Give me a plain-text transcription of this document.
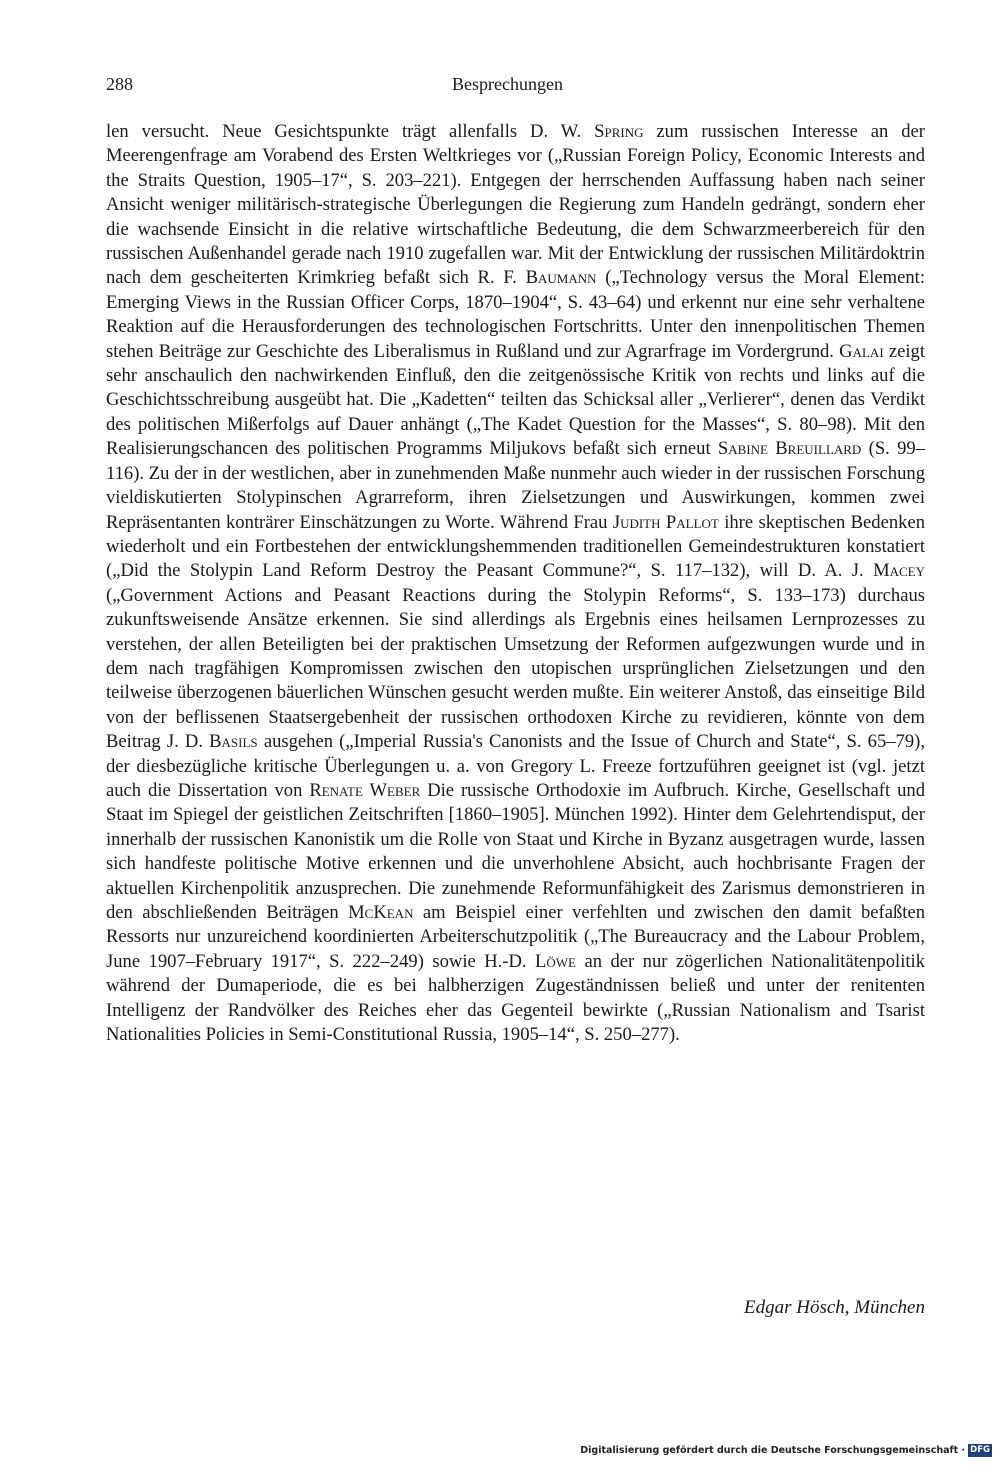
288	Besprechungen

len versucht. Neue Gesichtspunkte trägt allenfalls D. W. Spring zum russischen Interesse an der Meerengenfrage am Vorabend des Ersten Weltkrieges vor („Russian Foreign Policy, Economic Interests and the Straits Question, 1905–17“, S. 203–221). Entgegen der herrschenden Auffassung haben nach seiner Ansicht weniger militärisch-strategische Überlegungen die Regierung zum Handeln gedrängt, sondern eher die wachsende Einsicht in die relative wirtschaftliche Bedeutung, die dem Schwarzmeerbereich für den russischen Außenhandel gerade nach 1910 zugefallen war. Mit der Entwicklung der russischen Militärdoktrin nach dem gescheiterten Krimkrieg befaßt sich R. F. Baumann („Technology versus the Moral Element: Emerging Views in the Russian Officer Corps, 1870–1904“, S. 43–64) und erkennt nur eine sehr verhaltene Reaktion auf die Herausforderungen des technologischen Fortschritts. Unter den innenpolitischen Themen stehen Beiträge zur Geschichte des Liberalismus in Rußland und zur Agrarfrage im Vordergrund. Galai zeigt sehr anschaulich den nachwirkenden Einfluß, den die zeitgenössische Kritik von rechts und links auf die Geschichtsschreibung ausgeübt hat. Die „Kadetten“ teilten das Schicksal aller „Verlierer“, denen das Verdikt des politischen Mißerfolgs auf Dauer anhängt („The Kadet Question for the Masses“, S. 80–98). Mit den Realisierungschancen des politischen Programms Miljukovs befaßt sich erneut Sabine Breuillard (S. 99–116). Zu der in der westlichen, aber in zunehmenden Maße nunmehr auch wieder in der russischen Forschung vieldiskutierten Stolypinschen Agrarreform, ihren Zielsetzungen und Auswirkungen, kommen zwei Repräsentanten konträrer Einschätzungen zu Worte. Während Frau Judith Pallot ihre skeptischen Bedenken wiederholt und ein Fortbestehen der entwicklungshemmenden traditionellen Gemeindestrukturen konstatiert („Did the Stolypin Land Reform Destroy the Peasant Commune?“, S. 117–132), will D. A. J. Macey („Government Actions and Peasant Reactions during the Stolypin Reforms“, S. 133–173) durchaus zukunftsweisende Ansätze erkennen. Sie sind allerdings als Ergebnis eines heilsamen Lernprozesses zu verstehen, der allen Beteiligten bei der praktischen Umsetzung der Reformen aufgezwungen wurde und in dem nach tragfähigen Kompromissen zwischen den utopischen ursprünglichen Zielsetzungen und den teilweise überzogenen bäuerlichen Wünschen gesucht werden mußte. Ein weiterer Anstoß, das einseitige Bild von der beflissenen Staatsergebenheit der russischen orthodoxen Kirche zu revidieren, könnte von dem Beitrag J. D. Basils ausgehen („Imperial Russia's Canonists and the Issue of Church and State“, S. 65–79), der diesbezügliche kritische Überlegungen u. a. von Gregory L. Freeze fortzuführen geeignet ist (vgl. jetzt auch die Dissertation von Renate Weber Die russische Orthodoxie im Aufbruch. Kirche, Gesellschaft und Staat im Spiegel der geistlichen Zeitschriften [1860–1905]. München 1992). Hinter dem Gelehrtendisput, der innerhalb der russischen Kanonistik um die Rolle von Staat und Kirche in Byzanz ausgetragen wurde, lassen sich handfeste politische Motive erkennen und die unverhohlene Absicht, auch hochbrisante Fragen der aktuellen Kirchenpolitik anzusprechen. Die zunehmende Reformunfähigkeit des Zarismus demonstrieren in den abschließenden Beiträgen McKean am Beispiel einer verfehlten und zwischen den damit befaßten Ressorts nur unzureichend koordinierten Arbeiterschutzpolitik („The Bureaucracy and the Labour Problem, June 1907–February 1917“, S. 222–249) sowie H.-D. Löwe an der nur zögerlichen Nationalitätenpolitik während der Dumaperiode, die es bei halbherzigen Zugeständnissen beließ und unter der renitenten Intelligenz der Randvölker des Reiches eher das Gegenteil bewirkte („Russian Nationalism and Tsarist Nationalities Policies in Semi-Constitutional Russia, 1905–14“, S. 250–277).

Edgar Hösch, München
Digitalisierung gefördert durch die Deutsche Forschungsgemeinschaft · DFG
